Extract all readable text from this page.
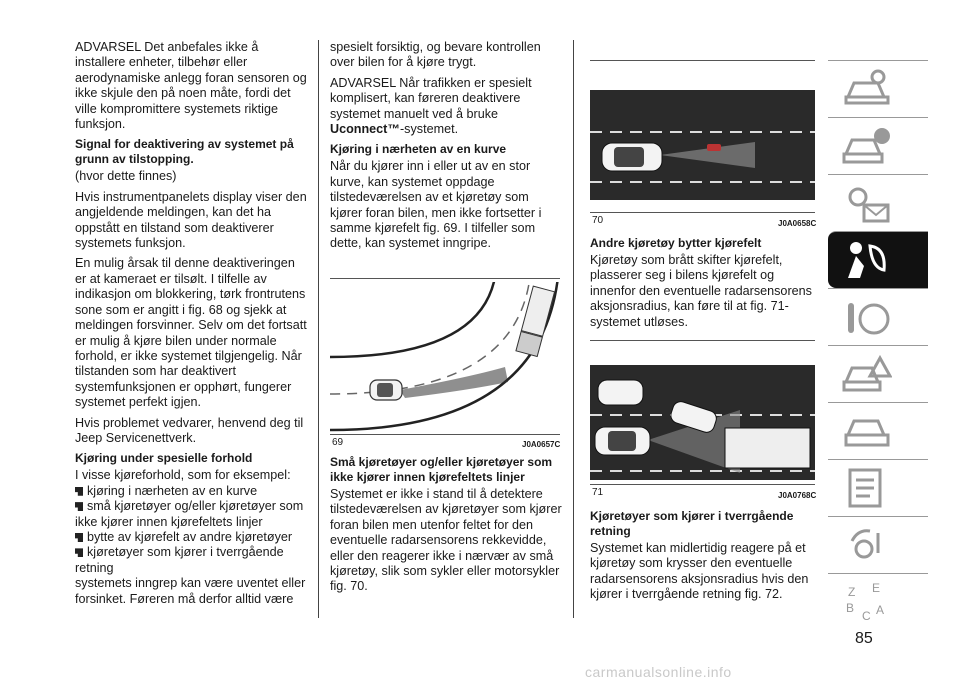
ADVARSEL Det anbefales ikke å installere enheter, tilbehør eller aerodynamiske anlegg foran sensoren og ikke skjule den på noen måte, fordi det ville kompromittere systemets riktige funksjon.

Signal for deaktivering av systemet på grunn av tilstopping.

(hvor dette finnes)

Hvis instrumentpanelets display viser den angjeldende meldingen, kan det ha oppstått en tilstand som deaktiverer systemets funksjon.

En mulig årsak til denne deaktiveringen er at kameraet er tilsølt. I tilfelle av indikasjon om blokkering, tørk frontrutens sone som er angitt i fig. 68 og sjekk at meldingen forsvinner. Selv om det fortsatt er mulig å kjøre bilen under normale forhold, er ikke systemet tilgjengelig. Når tilstanden som har deaktivert systemfunksjonen er opphørt, fungerer systemet perfekt igjen.

Hvis problemet vedvarer, henvend deg til Jeep Servicenettverk.

Kjøring under spesielle forhold

I visse kjøreforhold, som for eksempel:

kjøring i nærheten av en kurve

små kjøretøyer og/eller kjøretøyer som ikke kjører innen kjørefeltets linjer

bytte av kjørefelt av andre kjøretøyer

kjøretøyer som kjører i tverrgående retning

systemets inngrep kan være uventet eller forsinket. Føreren må derfor alltid være

spesielt forsiktig, og bevare kontrollen over bilen for å kjøre trygt.

ADVARSEL Når trafikken er spesielt komplisert, kan føreren deaktivere systemet manuelt ved å bruke Uconnect™-systemet.

Kjøring i nærheten av en kurve

Når du kjører inn i eller ut av en stor kurve, kan systemet oppdage tilstedeværelsen av et kjøretøy som kjører foran bilen, men ikke fortsetter i samme kjørefelt fig. 69. I tilfeller som dette, kan systemet inngripe.

69	J0A0657C

Små kjøretøyer og/eller kjøretøyer som ikke kjører innen kjørefeltets linjer

Systemet er ikke i stand til å detektere tilstedeværelsen av kjøretøyer som kjører foran bilen men utenfor feltet for den eventuelle radarsensorens rekkevidde, eller den reagerer ikke i nærvær av små kjøretøy, slik som sykler eller motorsykler fig. 70.

70	J0A0658C

Andre kjøretøy bytter kjørefelt

Kjøretøy som brått skifter kjørefelt, plasserer seg i bilens kjørefelt og innenfor den eventuelle radarsensorens aksjonsradius, kan føre til at fig. 71-systemet utløses.

71	J0A0768C

Kjøretøyer som kjører i tverrgående retning

Systemet kan midlertidig reagere på et kjøretøy som krysser den eventuelle radarsensorens aksjonsradius hvis den kjører i tverrgående retning fig. 72.	Z E
B
C A
85
carmanualsonline.info
